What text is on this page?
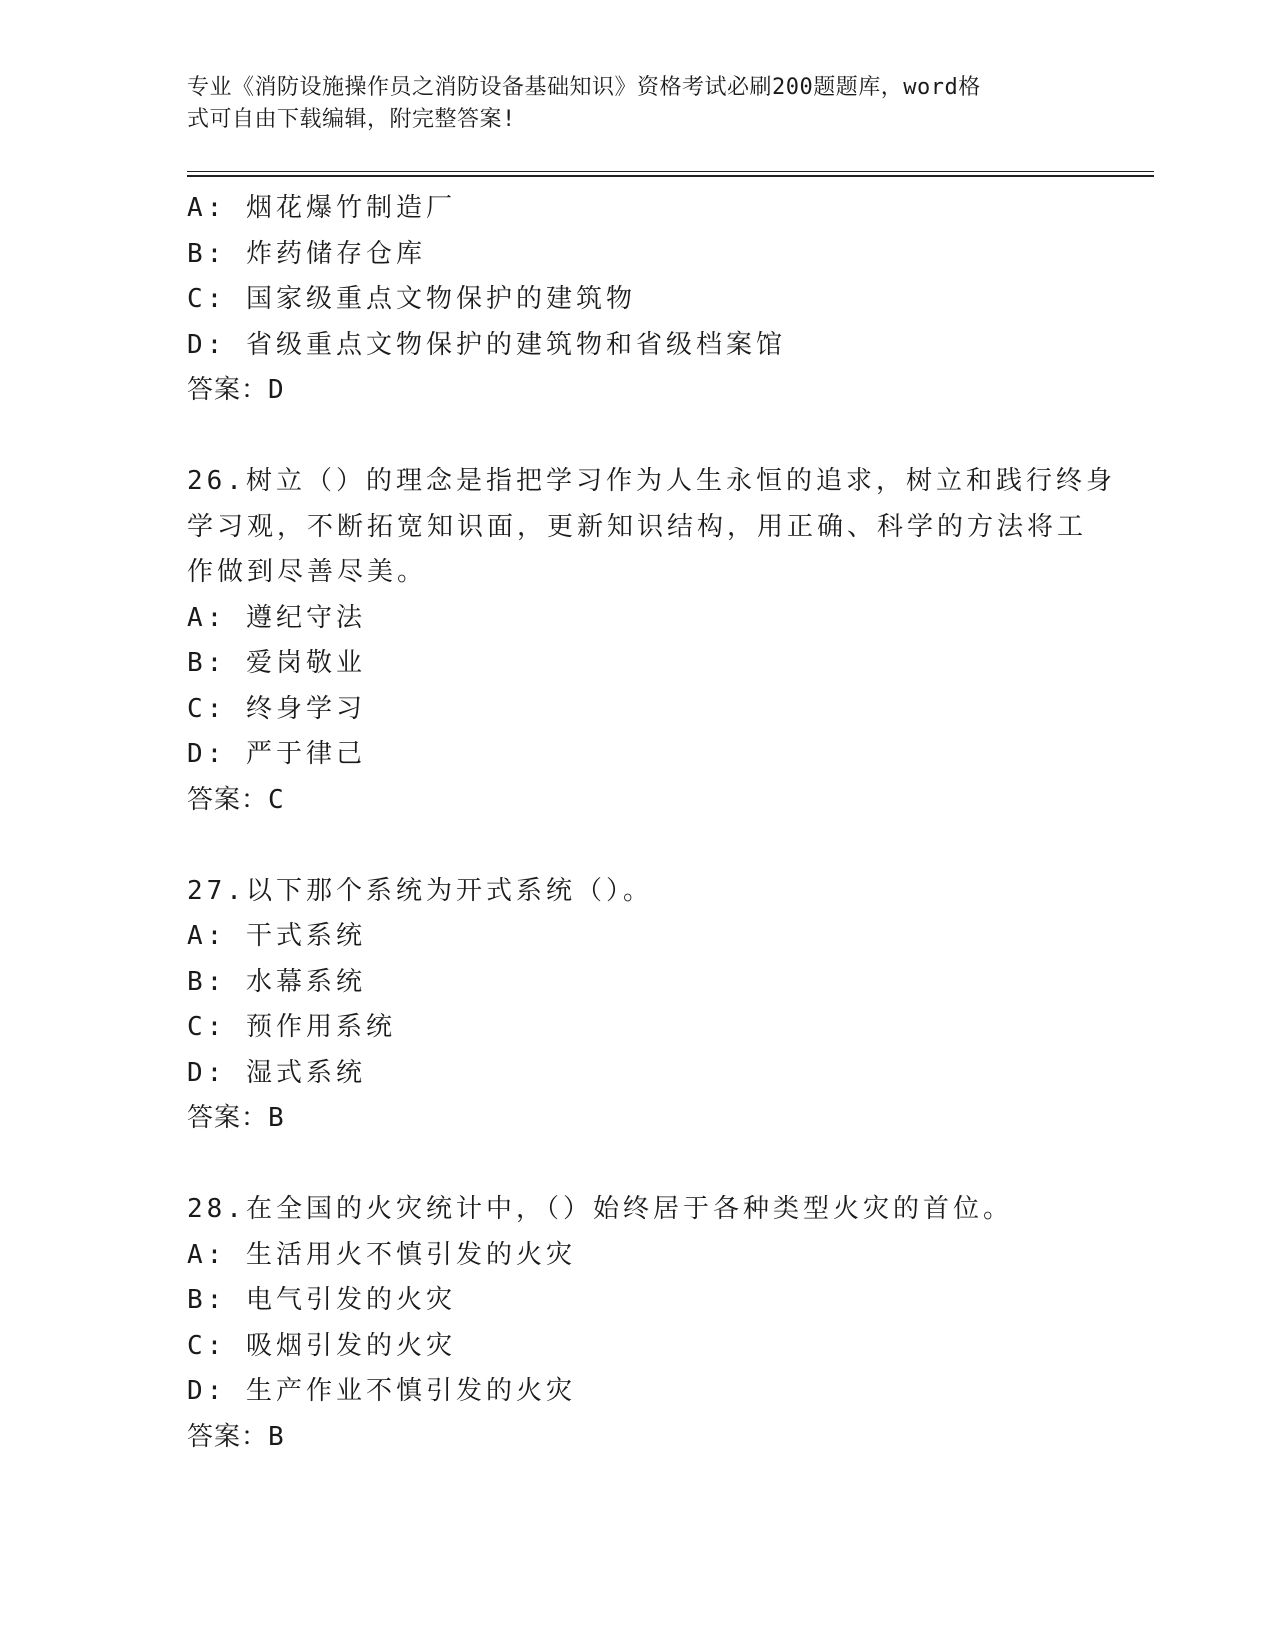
专业《消防设施操作员之消防设备基础知识》资格考试必刷200题题库，word格
式可自由下载编辑，附完整答案!
A: 烟花爆竹制造厂
B: 炸药储存仓库
C: 国家级重点文物保护的建筑物
D: 省级重点文物保护的建筑物和省级档案馆
答案：D
26.树立（）的理念是指把学习作为人生永恒的追求，树立和践行终身
学习观，不断拓宽知识面，更新知识结构，用正确、科学的方法将工
作做到尽善尽美。
A: 遵纪守法
B: 爱岗敬业
C: 终身学习
D: 严于律己
答案：C
27.以下那个系统为开式系统（）。
A: 干式系统
B: 水幕系统
C: 预作用系统
D: 湿式系统
答案：B
28.在全国的火灾统计中，（）始终居于各种类型火灾的首位。
A: 生活用火不慎引发的火灾
B: 电气引发的火灾
C: 吸烟引发的火灾
D: 生产作业不慎引发的火灾
答案：B
